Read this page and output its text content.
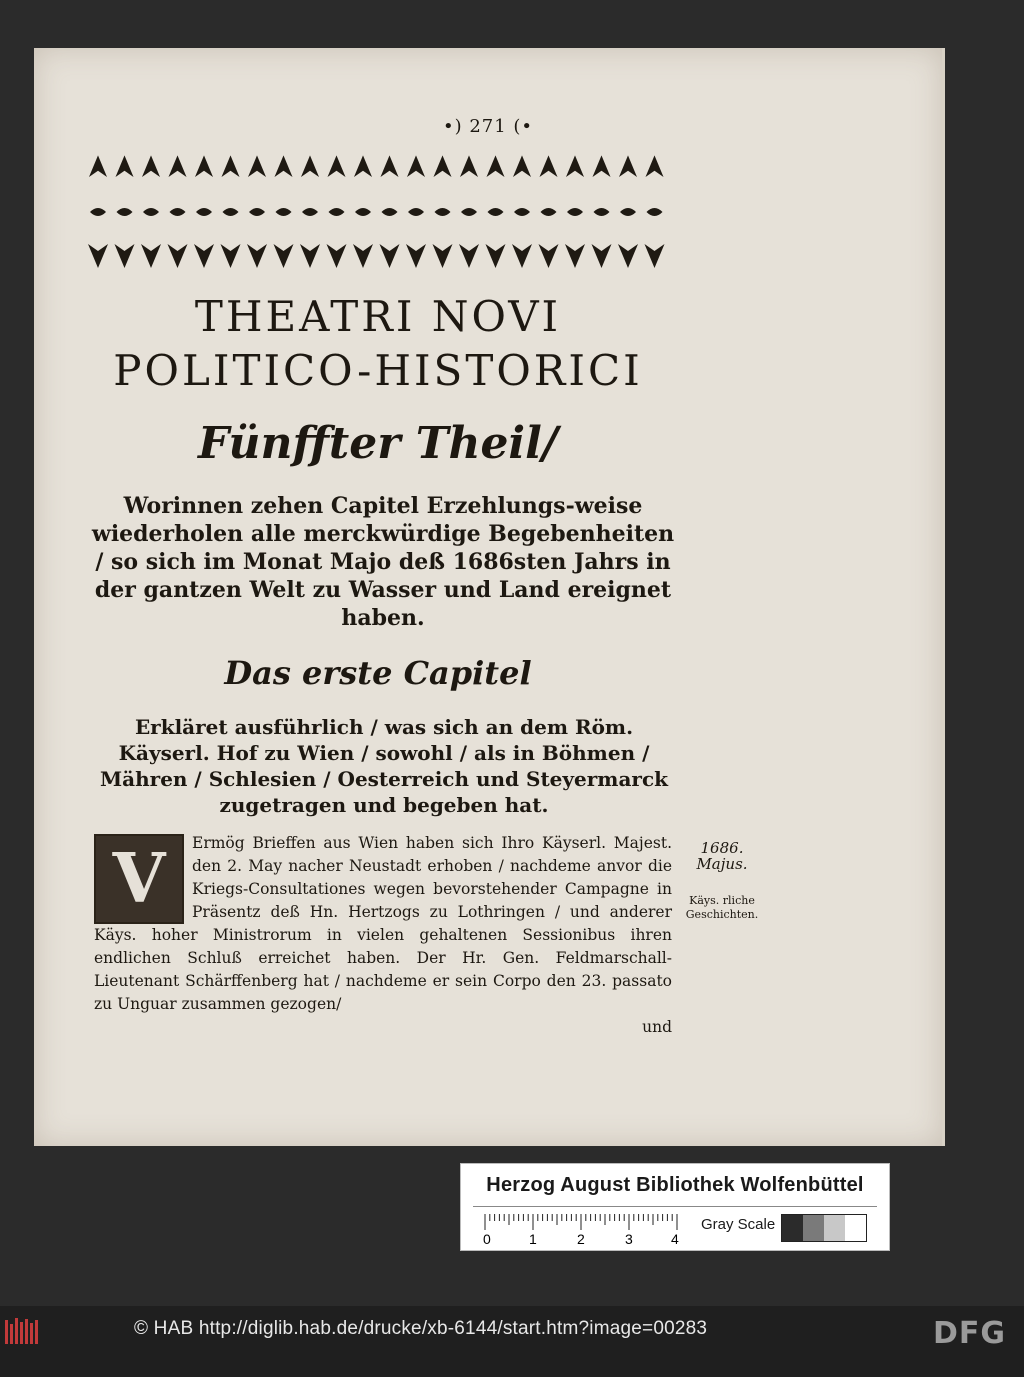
•) 271 (•
THEATRI NOVI
POLITICO-HISTORICI
Fünffter Theil/
Worinnen zehen Capitel Erzehlungs-weise wiederholen alle merckwürdige Begebenheiten / so sich im Monat Majo deß 1686sten Jahrs in der gantzen Welt zu Wasser und Land ereignet haben.
Das erste Capitel
Erkläret ausführlich / was sich an dem Röm. Käyserl. Hof zu Wien / sowohl / als in Böhmen / Mähren / Schlesien / Oesterreich und Steyermarck zugetragen und begeben hat.
V	Ermög Brieffen aus Wien haben sich Ihro Käyserl. Majest. den 2. May nacher Neustadt erhoben / nachdeme anvor die Kriegs-Consultationes wegen bevorstehender Campagne in Präsentz deß Hn. Hertzogs zu Lothringen / und anderer Käys. hoher Ministrorum in vielen gehaltenen Sessionibus ihren endlichen Schluß erreichet haben. Der Hr. Gen. Feldmarschall-Lieutenant Schärffenberg hat / nachdeme er sein Corpo den 23. passato zu Unguar zusammen gezogen/
und
1686. Majus.
Käys. rliche Geschichten.
Herzog August Bibliothek Wolfenbüttel
0	1	2	3	4
Gray Scale
© HAB http://diglib.hab.de/drucke/xb-6144/start.htm?image=00283	DFG
